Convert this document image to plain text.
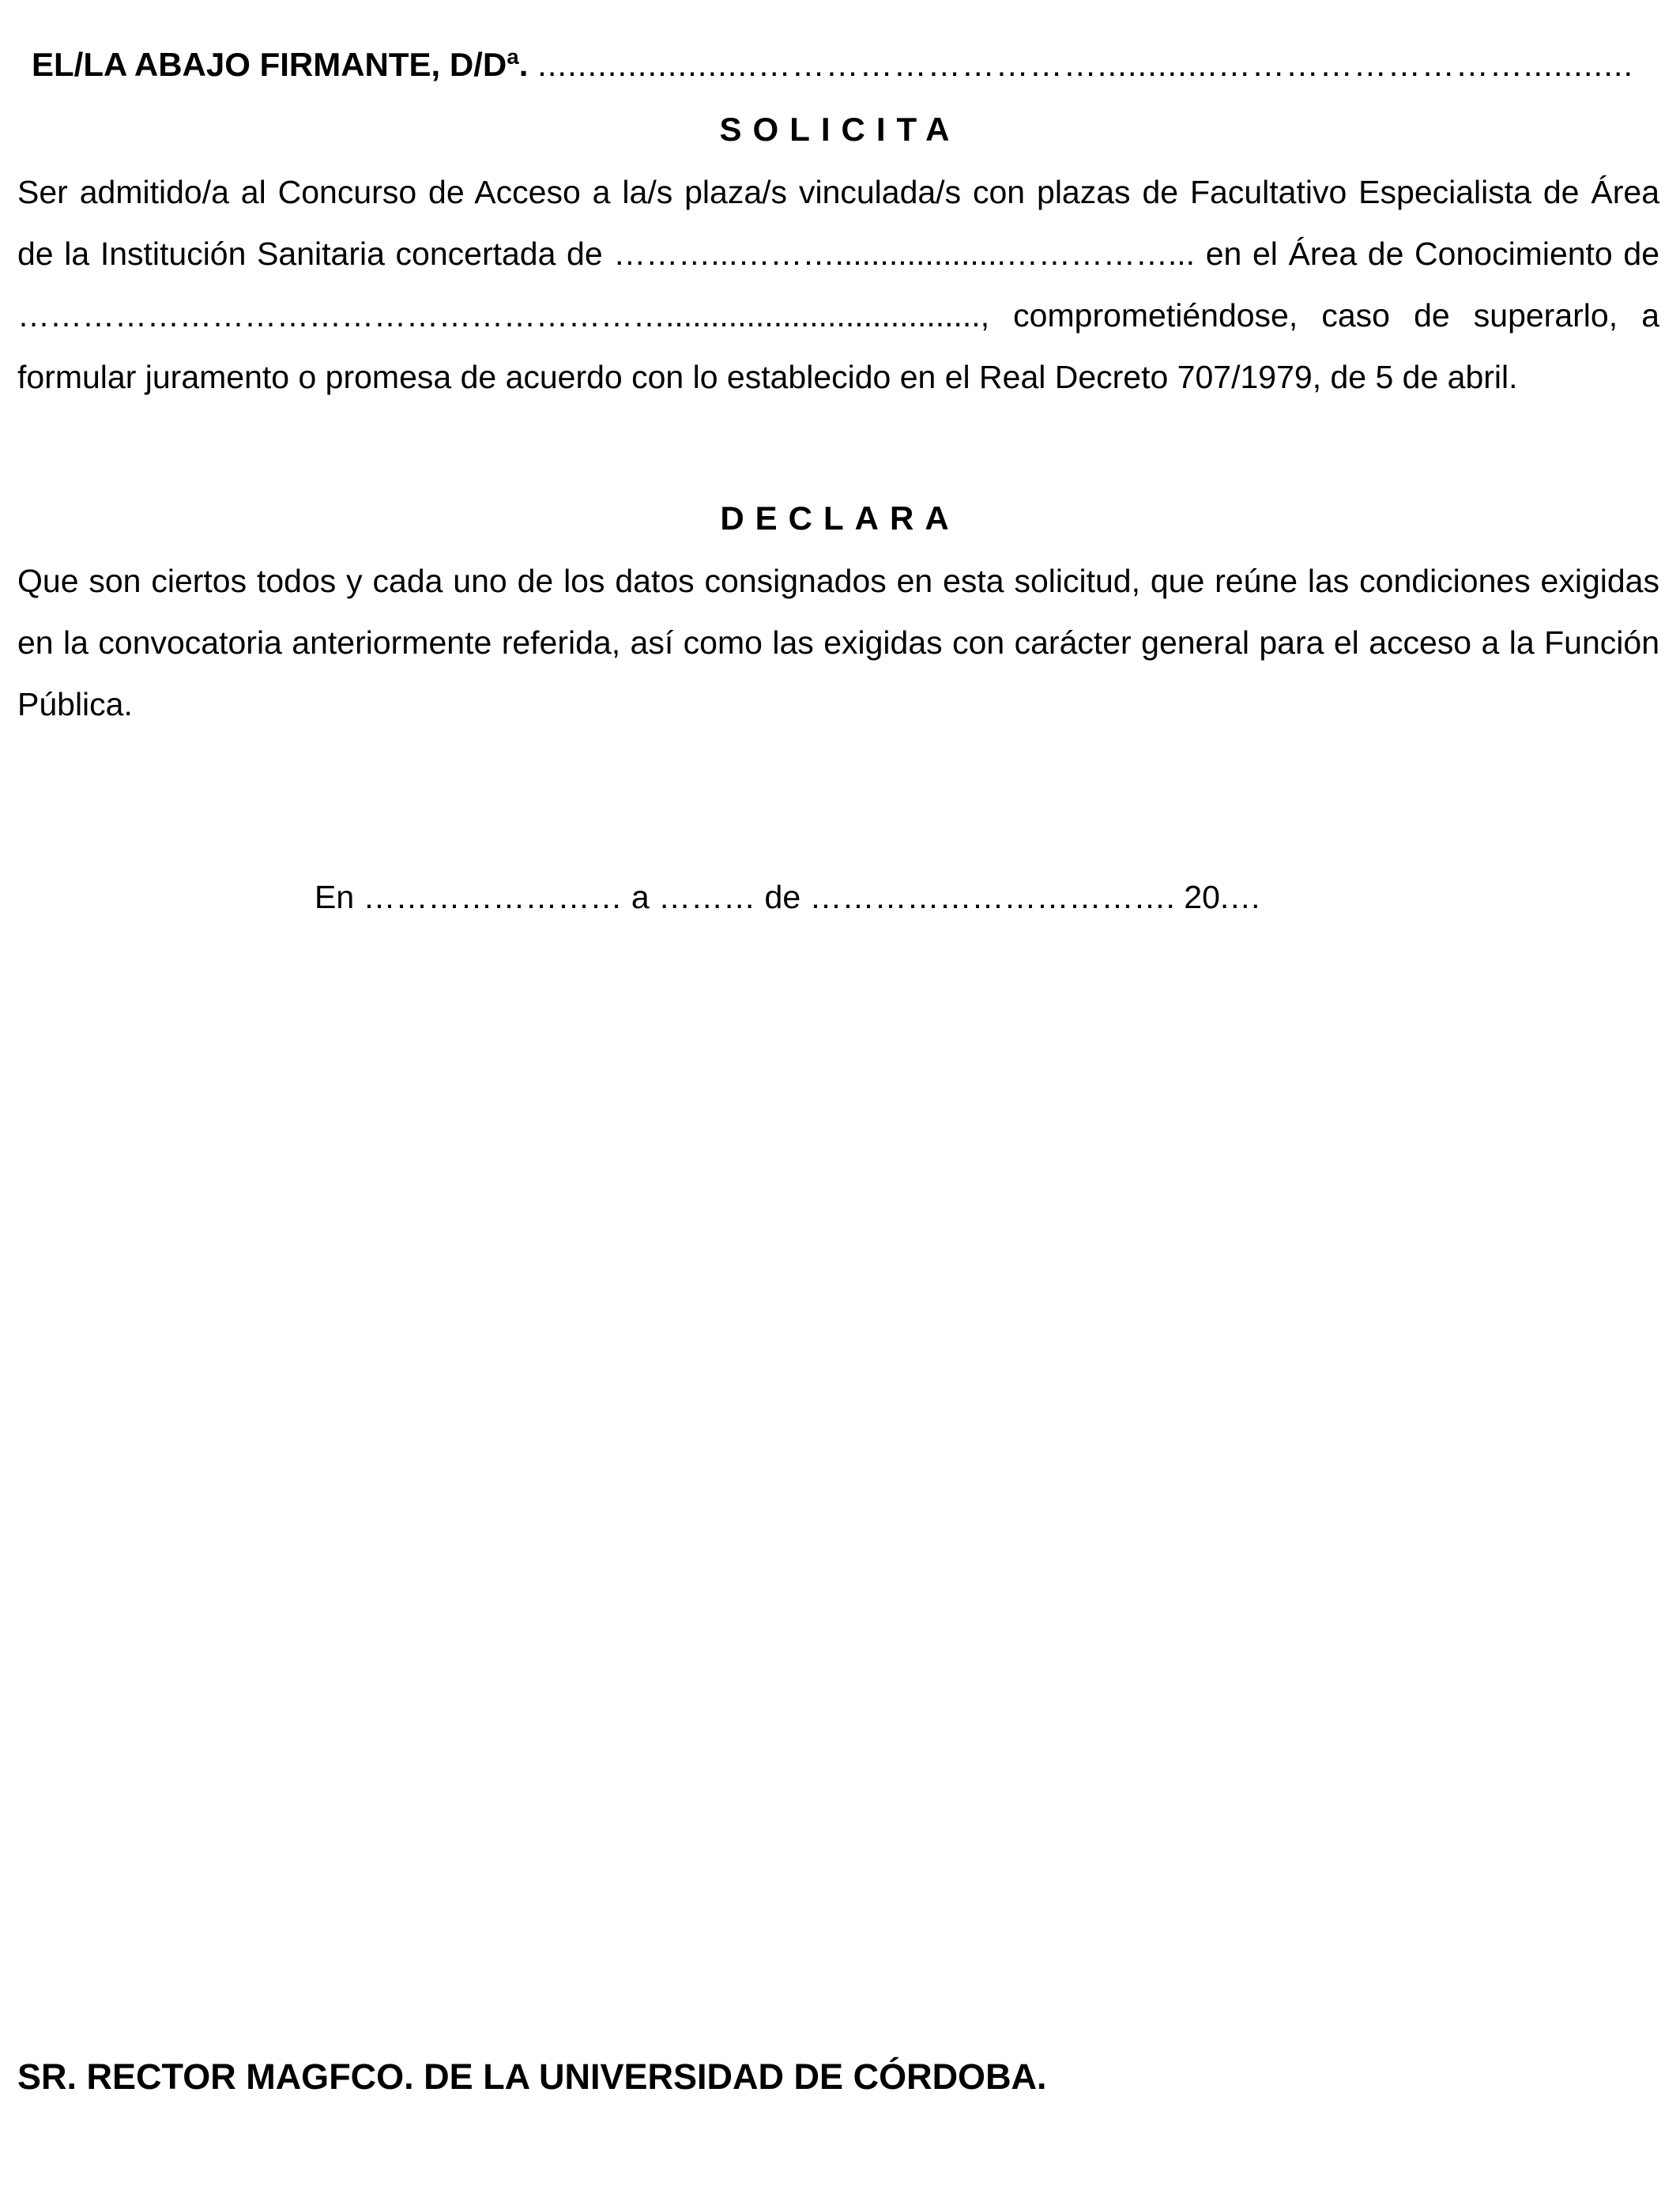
EL/LA ABAJO FIRMANTE, D/Dª. ......................…………………………............………………………...........
SOLICITA
Ser admitido/a al Concurso de Acceso a la/s plaza/s vinculada/s con plazas de Facultativo Especialista de Área de la Institución Sanitaria concertada de ………...………...................……………... en el Área de Conocimiento de ……………………………………………………..................................., comprometiéndose, caso de superarlo, a formular juramento o promesa de acuerdo con lo establecido en el Real Decreto 707/1979, de 5 de abril.
DECLARA
Que son ciertos todos y cada uno de los datos consignados en esta solicitud, que reúne las condiciones exigidas en la convocatoria anteriormente referida, así como las exigidas con carácter general para el acceso a la Función Pública.
En …………………… a ……… de ……………………………. 20.…
SR. RECTOR MAGFCO. DE LA UNIVERSIDAD DE CÓRDOBA.
